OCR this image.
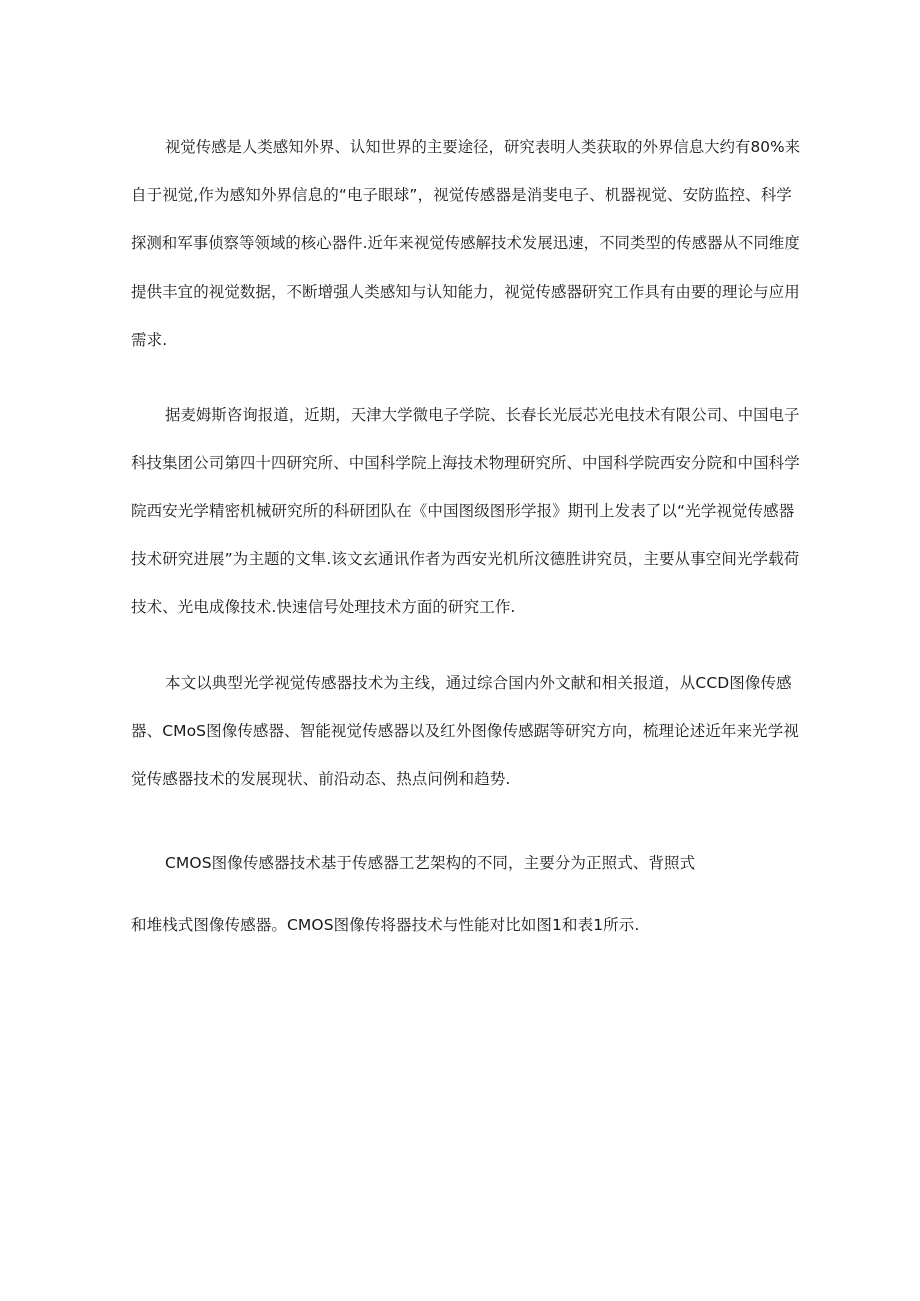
视觉传感是人类感知外界、认知世界的主要途径，研究表明人类获取的外界信息大约有80%来
自于视觉,作为感知外界信息的“电子眼球”，视觉传感器是消斐电子、机器视觉、安防监控、科学
探测和军事侦察等领域的核心器件.近年来视觉传感解技术发展迅速，不同类型的传感器从不同维度
提供丰宜的视觉数据，不断增强人类感知与认知能力，视觉传感器研究工作具有由要的理论与应用
需求.
据麦姆斯咨询报道，近期，天津大学微电子学院、长春长光辰芯光电技术有限公司、中国电子
科技集团公司第四十四研究所、中国科学院上海技术物理研究所、中国科学院西安分院和中国科学
院西安光学精密机械研究所的科研团队在《中国图级图形学报》期刊上发表了以“光学视觉传感器
技术研究进展”为主题的文隼.该文玄通讯作者为西安光机所汶德胜讲究员，主要从事空间光学载荷
技术、光电成像技术.快速信号处理技术方面的研究工作.
本文以典型光学视觉传感器技术为主线，通过综合国内外文献和相关报道，从CCD图像传感
器、CMoS图像传感器、智能视觉传感器以及红外图像传感踞等研究方向，梳理论述近年来光学视
觉传感器技术的发展现状、前沿动态、热点问例和趋势.
CMOS图像传感器技术基于传感器工艺架构的不同，主要分为正照式、背照式
和堆栈式图像传感器。CMOS图像传将器技术与性能对比如图1和表1所示.
